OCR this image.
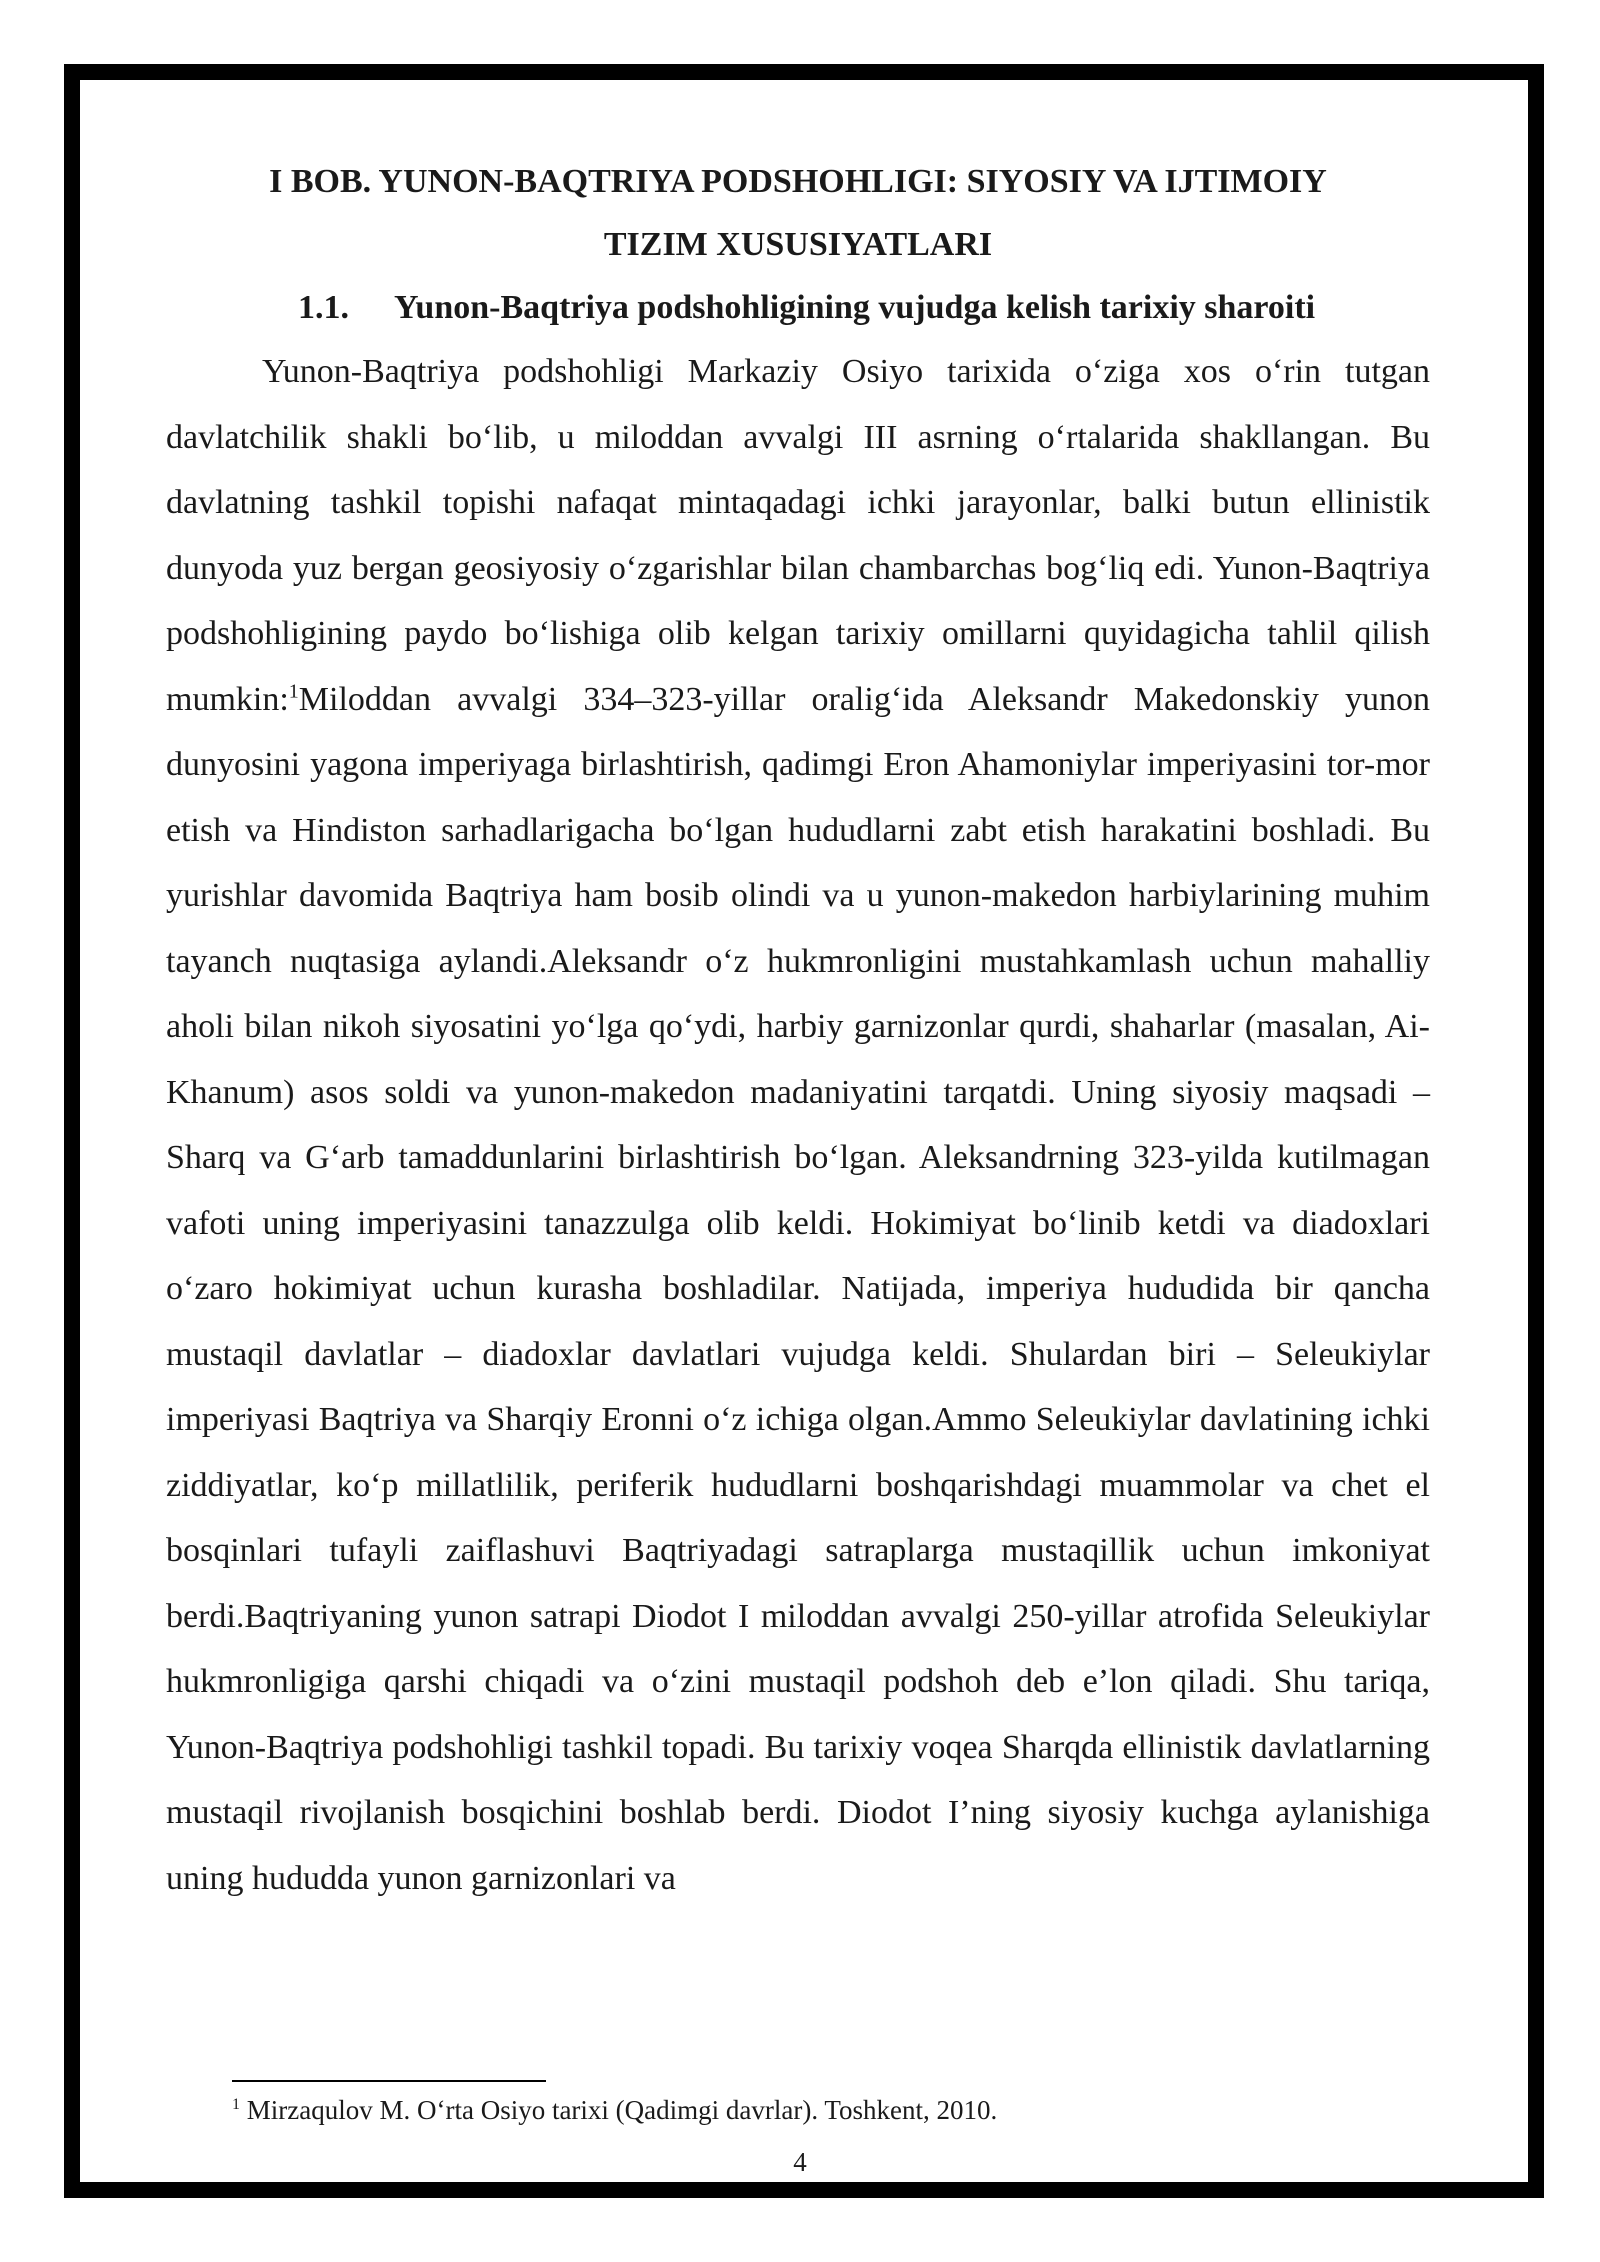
I BOB. YUNON-BAQTRIYA PODSHOHLIGI: SIYOSIY VA IJTIMOIY
TIZIM XUSUSIYATLARI
1.1.	Yunon-Baqtriya podshohligining vujudga kelish tarixiy sharoiti

Yunon-Baqtriya podshohligi Markaziy Osiyo tarixida o‘ziga xos o‘rin tutgan davlatchilik shakli bo‘lib, u miloddan avvalgi III asrning o‘rtalarida shakllangan. Bu davlatning tashkil topishi nafaqat mintaqadagi ichki jarayonlar, balki butun ellinistik dunyoda yuz bergan geosiyosiy o‘zgarishlar bilan chambarchas bog‘liq edi. Yunon-Baqtriya podshohligining paydo bo‘lishiga olib kelgan tarixiy omillarni quyidagicha tahlil qilish mumkin:$^1$Miloddan avvalgi 334–323-yillar oralig‘ida Aleksandr Makedonskiy yunon dunyosini yagona imperiyaga birlashtirish, qadimgi Eron Ahamoniylar imperiyasini tor-mor etish va Hindiston sarhadlarigacha bo‘lgan hududlarni zabt etish harakatini boshladi. Bu yurishlar davomida Baqtriya ham bosib olindi va u yunon-makedon harbiylarining muhim tayanch nuqtasiga aylandi.Aleksandr o‘z hukmronligini mustahkamlash uchun mahalliy aholi bilan nikoh siyosatini yo‘lga qo‘ydi, harbiy garnizonlar qurdi, shaharlar (masalan, Ai-Khanum) asos soldi va yunon-makedon madaniyatini tarqatdi. Uning siyosiy maqsadi – Sharq va G‘arb tamaddunlarini birlashtirish bo‘lgan. Aleksandrning 323-yilda kutilmagan vafoti uning imperiyasini tanazzulga olib keldi. Hokimiyat bo‘linib ketdi va diadoxlari o‘zaro hokimiyat uchun kurasha boshladilar. Natijada, imperiya hududida bir qancha mustaqil davlatlar – diadoxlar davlatlari vujudga keldi. Shulardan biri – Seleukiylar imperiyasi Baqtriya va Sharqiy Eronni o‘z ichiga olgan.Ammo Seleukiylar davlatining ichki ziddiyatlar, ko‘p millatlilik, periferik hududlarni boshqarishdagi muammolar va chet el bosqinlari tufayli zaiflashuvi Baqtriyadagi satraplarga mustaqillik uchun imkoniyat berdi.Baqtriyaning yunon satrapi Diodot I miloddan avvalgi 250-yillar atrofida Seleukiylar hukmronligiga qarshi chiqadi va o‘zini mustaqil podshoh deb e’lon qiladi. Shu tariqa, Yunon-Baqtriya podshohligi tashkil topadi. Bu tarixiy voqea Sharqda ellinistik davlatlarning mustaqil rivojlanish bosqichini boshlab berdi. Diodot I’ning siyosiy kuchga aylanishiga uning hududda yunon garnizonlari va

$^1$ Mirzaqulov M. O‘rta Osiyo tarixi (Qadimgi davrlar). Toshkent, 2010.

4
